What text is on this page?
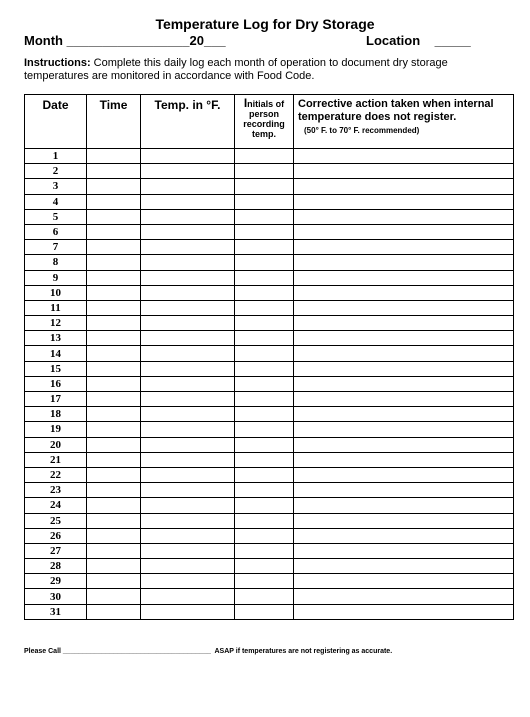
Temperature Log for Dry Storage
Month _________________20___	Location    _____
Instructions: Complete this daily log each month of operation to document dry storage temperatures are monitored in accordance with Food Code.
Date	Time	Temp. in °F.	Initials of person recording temp.	Corrective action taken when internal temperature does not register.
(50° F. to 70° F. recommended)

1				
2				
3				
4				
5				
6				
7				
8				
9				
10				
11				
12				
13				
14				
15				
16				
17				
18				
19				
20				
21				
22				
23				
24				
25				
26				
27				
28				
29				
30				
31				
Please Call ______________________________________  ASAP if temperatures are not registering as accurate.
